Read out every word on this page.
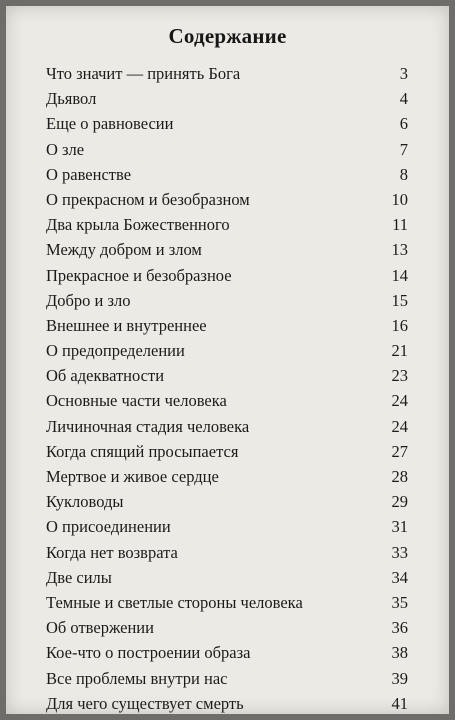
Содержание
Что значит — принять Бога	3
Дьявол	4
Еще о равновесии	6
О зле	7
О равенстве	8
О прекрасном и безобразном	10
Два крыла Божественного	11
Между добром и злом	13
Прекрасное и безобразное	14
Добро и зло	15
Внешнее и внутреннее	16
О предопределении	21
Об адекватности	23
Основные части человека	24
Личиночная стадия человека	24
Когда спящий просыпается	27
Мертвое и живое сердце	28
Кукловоды	29
О присоединении	31
Когда нет возврата	33
Две силы	34
Темные и светлые стороны человека	35
Об отвержении	36
Кое-что о построении образа	38
Все проблемы внутри нас	39
Для чего существует смерть	41
